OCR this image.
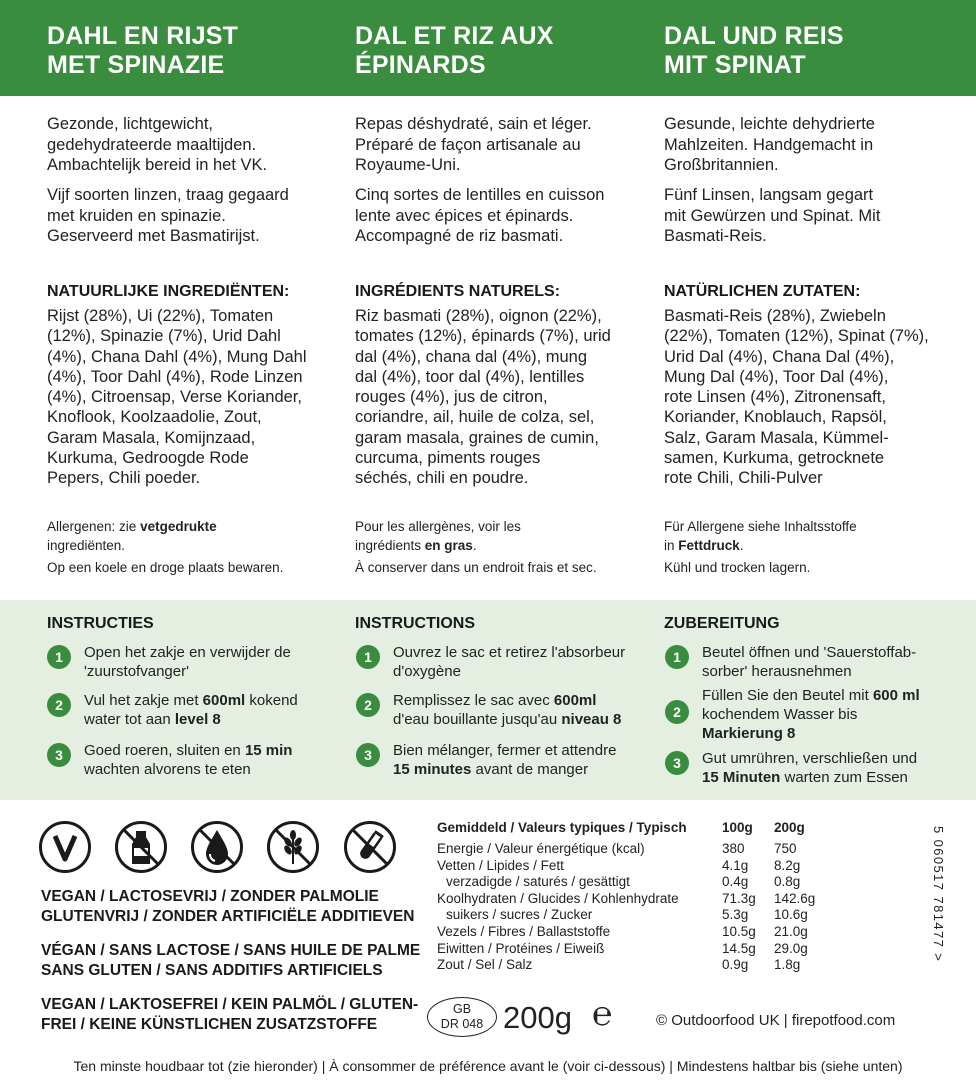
DAHL EN RIJST
MET SPINAZIE
DAL ET RIZ AUX
ÉPINARDS
DAL UND REIS
MIT SPINAT
Gezonde, lichtgewicht,
gedehydrateerde maaltijden.
Ambachtelijk bereid in het VK.
Repas déshydraté, sain et léger.
Préparé de façon artisanale au
Royaume-Uni.
Gesunde, leichte dehydrierte
Mahlzeiten. Handgemacht in
Großbritannien.
Vijf soorten linzen, traag gegaard
met kruiden en spinazie.
Geserveerd met Basmatirijst.
Cinq sortes de lentilles en cuisson
lente avec épices et épinards.
Accompagné de riz basmati.
Fünf Linsen, langsam gegart
mit Gewürzen und Spinat. Mit
Basmati-Reis.
NATUURLIJKE INGREDIËNTEN:	INGRÉDIENTS NATURELS:	NATÜRLICHEN ZUTATEN:
Rijst (28%), Ui (22%), Tomaten
(12%), Spinazie (7%), Urid Dahl
(4%), Chana Dahl (4%), Mung Dahl
(4%), Toor Dahl (4%), Rode Linzen
(4%), Citroensap, Verse Koriander,
Knoflook, Koolzaadolie, Zout,
Garam Masala, Komijnzaad,
Kurkuma, Gedroogde Rode
Pepers, Chili poeder.
Riz basmati (28%), oignon (22%),
tomates (12%), épinards (7%), urid
dal (4%), chana dal (4%), mung
dal (4%), toor dal (4%), lentilles
rouges (4%), jus de citron,
coriandre, ail, huile de colza, sel,
garam masala, graines de cumin,
curcuma, piments rouges
séchés, chili en poudre.
Basmati-Reis (28%), Zwiebeln
(22%), Tomaten (12%), Spinat (7%),
Urid Dal (4%), Chana Dal (4%),
Mung Dal (4%), Toor Dal (4%),
rote Linsen (4%), Zitronensaft,
Koriander, Knoblauch, Rapsöl,
Salz, Garam Masala, Kümmel-
samen, Kurkuma, getrocknete
rote Chili, Chili-Pulver
Allergenen: zie vetgedrukte
ingrediënten.
Pour les allergènes, voir les
ingrédients en gras.
Für Allergene siehe Inhaltsstoffe
in Fettdruck.
Op een koele en droge plaats bewaren.	À conserver dans un endroit frais et sec.	Kühl und trocken lagern.
INSTRUCTIES	INSTRUCTIONS	ZUBEREITUNG
1	Open het zakje en verwijder de
'zuurstofvanger'
2	Vul het zakje met 600ml kokend
water tot aan level 8
3	Goed roeren, sluiten en 15 min
wachten alvorens te eten
1	Ouvrez le sac et retirez l'absorbeur
d'oxygène
2	Remplissez le sac avec 600ml
d'eau bouillante jusqu'au niveau 8
3	Bien mélanger, fermer et attendre
15 minutes avant de manger
1	Beutel öffnen und 'Sauerstoffab-
sorber' herausnehmen
2
Füllen Sie den Beutel mit 600 ml
kochendem Wasser bis
Markierung 8
3	Gut umrühren, verschließen und
15 Minuten warten zum Essen
VEGAN / LACTOSEVRIJ / ZONDER PALMOLIE
GLUTENVRIJ / ZONDER ARTIFICIËLE ADDITIEVEN
VÉGAN / SANS LACTOSE / SANS HUILE DE PALME
SANS GLUTEN / SANS ADDITIFS ARTIFICIELS
VEGAN / LAKTOSEFREI / KEIN PALMÖL / GLUTEN-
FREI / KEINE KÜNSTLICHEN ZUSATZSTOFFE
Gemiddeld / Valeurs typiques / Typisch	100g 200g
Energie / Valeur énergétique (kcal)	380 750
Vetten / Lipides / Fett	4.1g 8.2g
verzadigde / saturés / gesättigt	0.4g 0.8g
Koolhydraten / Glucides / Kohlenhydrate	71.3g 142.6g
suikers / sucres / Zucker	5.3g 10.6g
Vezels / Fibres / Ballaststoffe	10.5g 21.0g
Eiwitten / Protéines / Eiweiß	14.5g 29.0g
Zout / Sel / Salz	0.9g 1.8g
5 060517 781477 >
GB
DR 048 200g ℮	© Outdoorfood UK | firepotfood.com
Ten minste houdbaar tot (zie hieronder) | À consommer de préférence avant le (voir ci-dessous) | Mindestens haltbar bis (siehe unten)
